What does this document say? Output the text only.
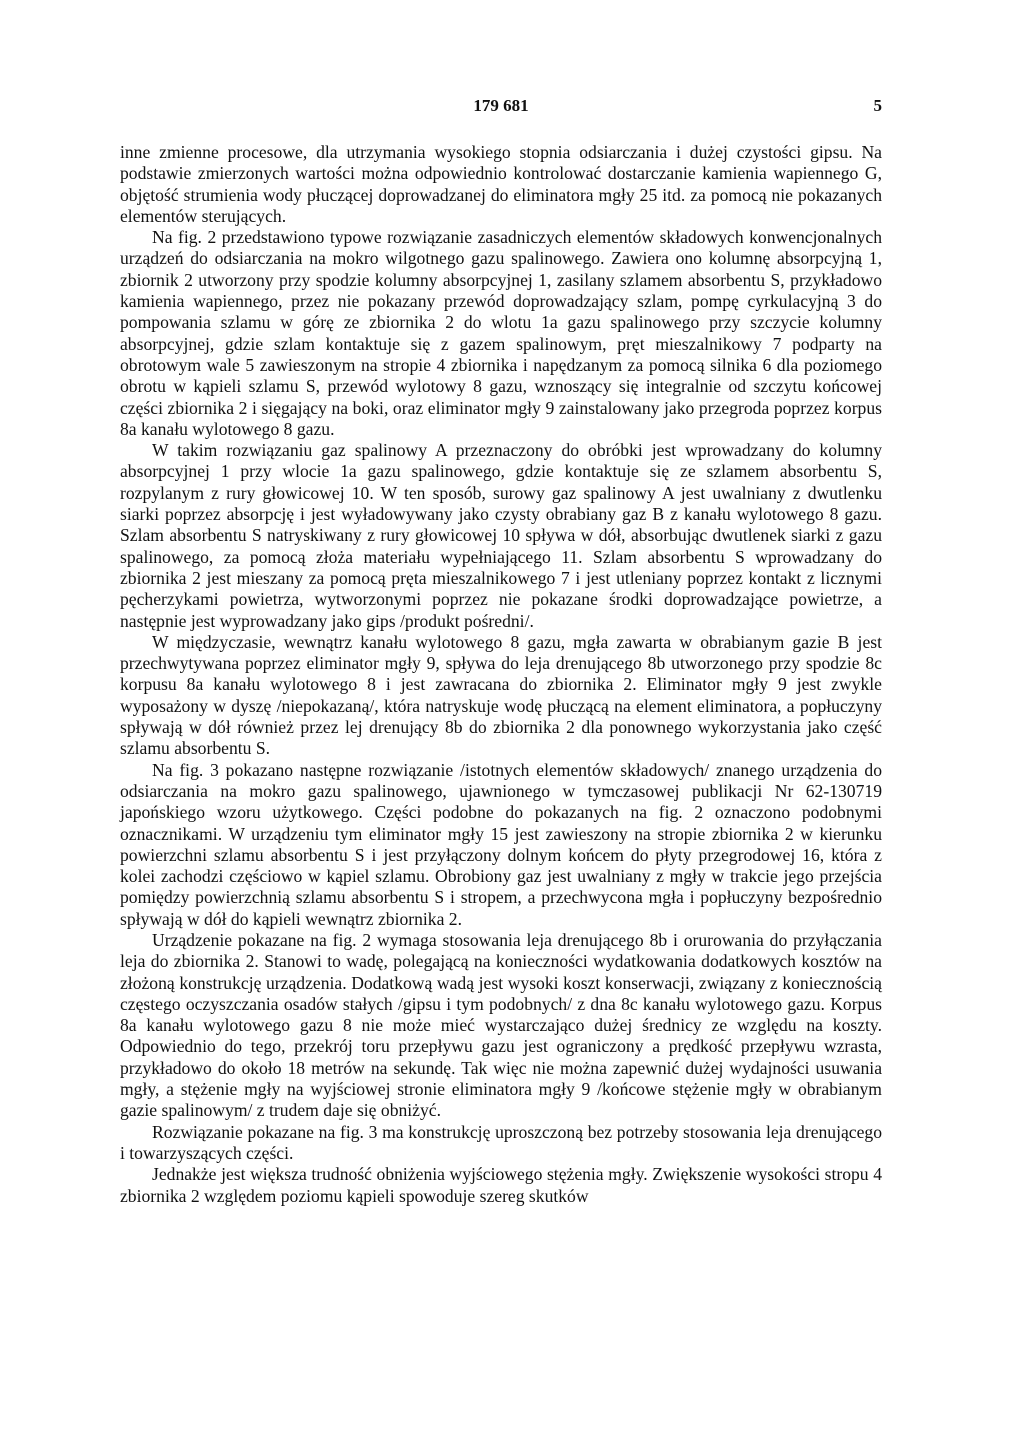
179 681	5

inne zmienne procesowe, dla utrzymania wysokiego stopnia odsiarczania i dużej czystości gipsu. Na podstawie zmierzonych wartości można odpowiednio kontrolować dostarczanie kamienia wapiennego G, objętość strumienia wody płuczącej doprowadzanej do eliminatora mgły 25 itd. za pomocą nie pokazanych elementów sterujących.

Na fig. 2 przedstawiono typowe rozwiązanie zasadniczych elementów składowych konwencjonalnych urządzeń do odsiarczania na mokro wilgotnego gazu spalinowego. Zawiera ono kolumnę absorpcyjną 1, zbiornik 2 utworzony przy spodzie kolumny absorpcyjnej 1, zasilany szlamem absorbentu S, przykładowo kamienia wapiennego, przez nie pokazany przewód doprowadzający szlam, pompę cyrkulacyjną 3 do pompowania szlamu w górę ze zbiornika 2 do wlotu 1a gazu spalinowego przy szczycie kolumny absorpcyjnej, gdzie szlam kontaktuje się z gazem spalinowym, pręt mieszalnikowy 7 podparty na obrotowym wale 5 zawieszonym na stropie 4 zbiornika i napędzanym za pomocą silnika 6 dla poziomego obrotu w kąpieli szlamu S, przewód wylotowy 8 gazu, wznoszący się integralnie od szczytu końcowej części zbiornika 2 i sięgający na boki, oraz eliminator mgły 9 zainstalowany jako przegroda poprzez korpus 8a kanału wylotowego 8 gazu.

W takim rozwiązaniu gaz spalinowy A przeznaczony do obróbki jest wprowadzany do kolumny absorpcyjnej 1 przy wlocie 1a gazu spalinowego, gdzie kontaktuje się ze szlamem absorbentu S, rozpylanym z rury głowicowej 10. W ten sposób, surowy gaz spalinowy A jest uwalniany z dwutlenku siarki poprzez absorpcję i jest wyładowywany jako czysty obrabiany gaz B z kanału wylotowego 8 gazu. Szlam absorbentu S natryskiwany z rury głowicowej 10 spływa w dół, absorbując dwutlenek siarki z gazu spalinowego, za pomocą złoża materiału wypełniającego 11. Szlam absorbentu S wprowadzany do zbiornika 2 jest mieszany za pomocą pręta mieszalnikowego 7 i jest utleniany poprzez kontakt z licznymi pęcherzykami powietrza, wytworzonymi poprzez nie pokazane środki doprowadzające powietrze, a następnie jest wyprowadzany jako gips /produkt pośredni/.

W międzyczasie, wewnątrz kanału wylotowego 8 gazu, mgła zawarta w obrabianym gazie B jest przechwytywana poprzez eliminator mgły 9, spływa do leja drenującego 8b utworzonego przy spodzie 8c korpusu 8a kanału wylotowego 8 i jest zawracana do zbiornika 2. Eliminator mgły 9 jest zwykle wyposażony w dyszę /niepokazaną/, która natryskuje wodę płuczącą na element eliminatora, a popłuczyny spływają w dół również przez lej drenujący 8b do zbiornika 2 dla ponownego wykorzystania jako część szlamu absorbentu S.

Na fig. 3 pokazano następne rozwiązanie /istotnych elementów składowych/ znanego urządzenia do odsiarczania na mokro gazu spalinowego, ujawnionego w tymczasowej publikacji Nr 62-130719 japońskiego wzoru użytkowego. Części podobne do pokazanych na fig. 2 oznaczono podobnymi oznacznikami. W urządzeniu tym eliminator mgły 15 jest zawieszony na stropie zbiornika 2 w kierunku powierzchni szlamu absorbentu S i jest przyłączony dolnym końcem do płyty przegrodowej 16, która z kolei zachodzi częściowo w kąpiel szlamu. Obrobiony gaz jest uwalniany z mgły w trakcie jego przejścia pomiędzy powierzchnią szlamu absorbentu S i stropem, a przechwycona mgła i popłuczyny bezpośrednio spływają w dół do kąpieli wewnątrz zbiornika 2.

Urządzenie pokazane na fig. 2 wymaga stosowania leja drenującego 8b i orurowania do przyłączania leja do zbiornika 2. Stanowi to wadę, polegającą na konieczności wydatkowania dodatkowych kosztów na złożoną konstrukcję urządzenia. Dodatkową wadą jest wysoki koszt konserwacji, związany z koniecznością częstego oczyszczania osadów stałych /gipsu i tym podobnych/ z dna 8c kanału wylotowego gazu. Korpus 8a kanału wylotowego gazu 8 nie może mieć wystarczająco dużej średnicy ze względu na koszty. Odpowiednio do tego, przekrój toru przepływu gazu jest ograniczony a prędkość przepływu wzrasta, przykładowo do około 18 metrów na sekundę. Tak więc nie można zapewnić dużej wydajności usuwania mgły, a stężenie mgły na wyjściowej stronie eliminatora mgły 9 /końcowe stężenie mgły w obrabianym gazie spalinowym/ z trudem daje się obniżyć.

Rozwiązanie pokazane na fig. 3 ma konstrukcję uproszczoną bez potrzeby stosowania leja drenującego i towarzyszących części.

Jednakże jest większa trudność obniżenia wyjściowego stężenia mgły. Zwiększenie wysokości stropu 4 zbiornika 2 względem poziomu kąpieli spowoduje szereg skutków
